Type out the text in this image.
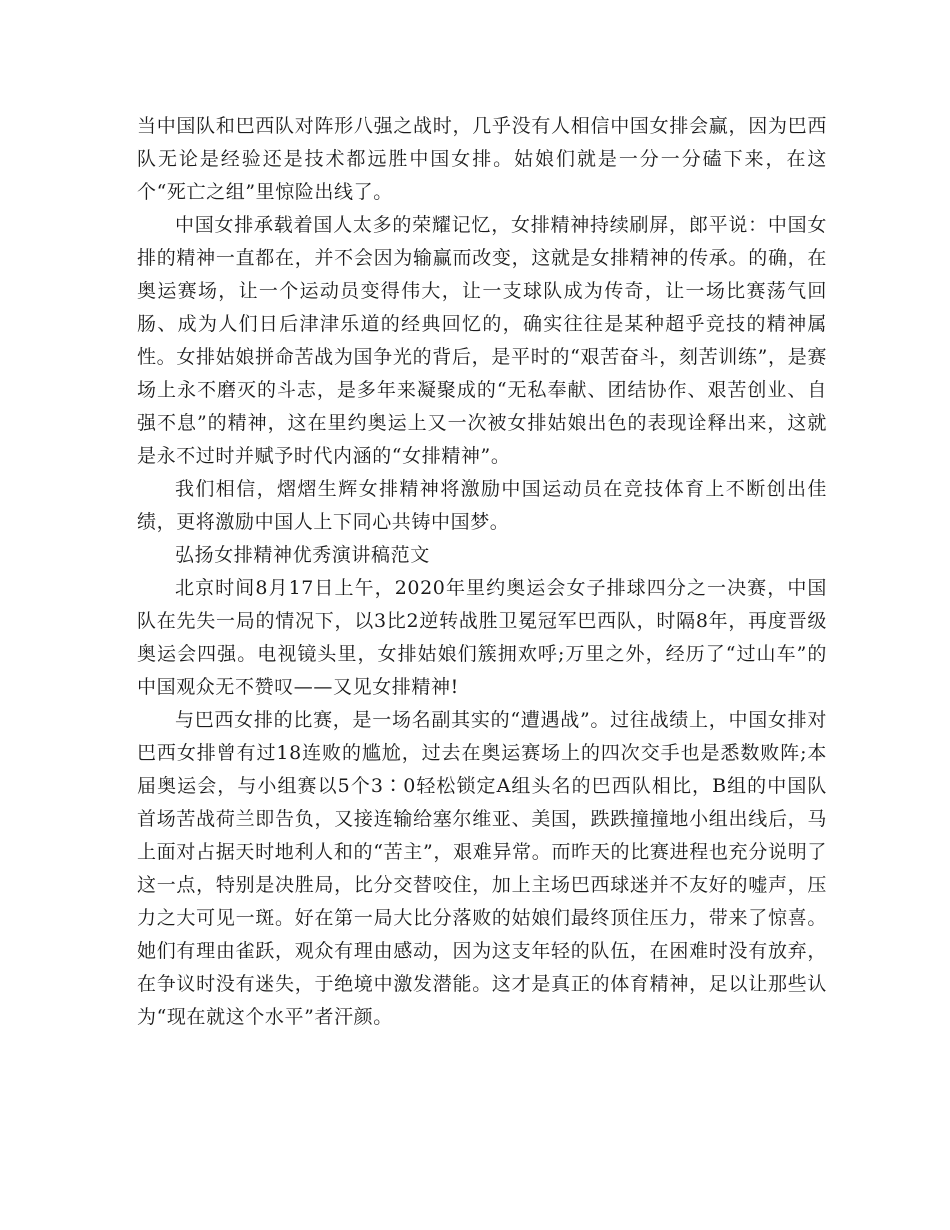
当中国队和巴西队对阵形八强之战时，几乎没有人相信中国女排会赢，因为巴西队无论是经验还是技术都远胜中国女排。姑娘们就是一分一分磕下来，在这个“死亡之组”里惊险出线了。

中国女排承载着国人太多的荣耀记忆，女排精神持续刷屏，郎平说：中国女排的精神一直都在，并不会因为输赢而改变，这就是女排精神的传承。的确，在奥运赛场，让一个运动员变得伟大，让一支球队成为传奇，让一场比赛荡气回肠、成为人们日后津津乐道的经典回忆的，确实往往是某种超乎竞技的精神属性。女排姑娘拼命苦战为国争光的背后，是平时的“艰苦奋斗，刻苦训练”，是赛场上永不磨灭的斗志，是多年来凝聚成的“无私奉献、团结协作、艰苦创业、自强不息”的精神，这在里约奥运上又一次被女排姑娘出色的表现诠释出来，这就是永不过时并赋予时代内涵的“女排精神”。

我们相信，熠熠生辉女排精神将激励中国运动员在竞技体育上不断创出佳绩，更将激励中国人上下同心共铸中国梦。

弘扬女排精神优秀演讲稿范文

北京时间8月17日上午，2020年里约奥运会女子排球四分之一决赛，中国队在先失一局的情况下，以3比2逆转战胜卫冕冠军巴西队，时隔8年，再度晋级奥运会四强。电视镜头里，女排姑娘们簇拥欢呼;万里之外，经历了“过山车”的中国观众无不赞叹——又见女排精神!

与巴西女排的比赛，是一场名副其实的“遭遇战”。过往战绩上，中国女排对巴西女排曾有过18连败的尴尬，过去在奥运赛场上的四次交手也是悉数败阵;本届奥运会，与小组赛以5个3∶0轻松锁定A组头名的巴西队相比，B组的中国队首场苦战荷兰即告负，又接连输给塞尔维亚、美国，跌跌撞撞地小组出线后，马上面对占据天时地利人和的“苦主”，艰难异常。而昨天的比赛进程也充分说明了这一点，特别是决胜局，比分交替咬住，加上主场巴西球迷并不友好的嘘声，压力之大可见一斑。好在第一局大比分落败的姑娘们最终顶住压力，带来了惊喜。她们有理由雀跃，观众有理由感动，因为这支年轻的队伍，在困难时没有放弃，在争议时没有迷失，于绝境中激发潜能。这才是真正的体育精神，足以让那些认为“现在就这个水平”者汗颜。
